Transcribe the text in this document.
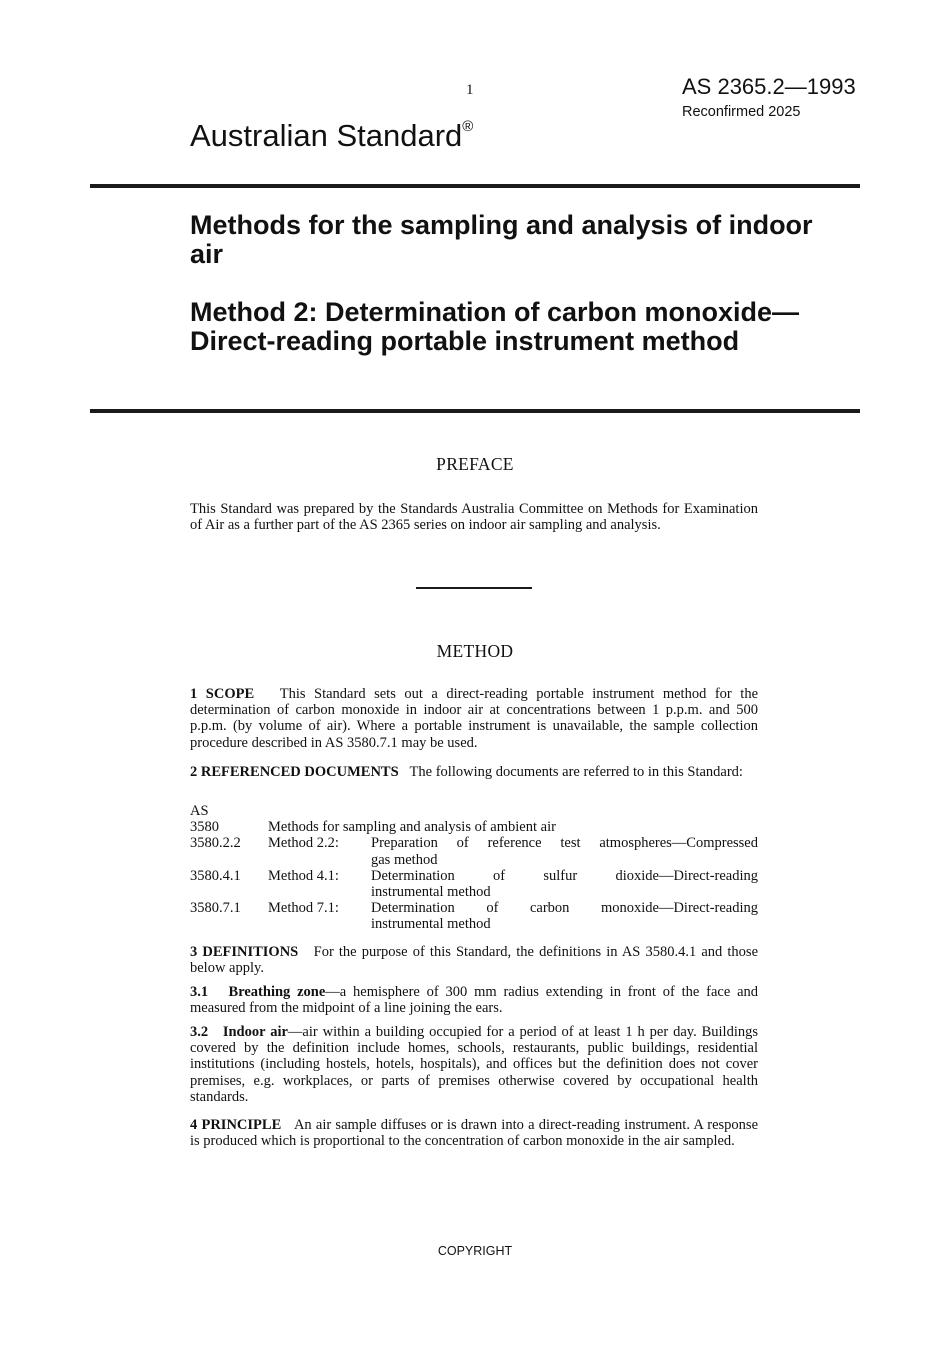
1	AS 2365.2—1993
Reconfirmed 2025
Australian Standard®
Methods for the sampling and analysis of indoor air
Method 2: Determination of carbon monoxide—Direct-reading portable instrument method
PREFACE
This Standard was prepared by the Standards Australia Committee on Methods for Examination of Air as a further part of the AS 2365 series on indoor air sampling and analysis.
METHOD
1 SCOPE This Standard sets out a direct-reading portable instrument method for the determination of carbon monoxide in indoor air at concentrations between 1 p.p.m. and 500 p.p.m. (by volume of air). Where a portable instrument is unavailable, the sample collection procedure described in AS 3580.7.1 may be used.
2 REFERENCED DOCUMENTS The following documents are referred to in this Standard:
AS
3580	Methods for sampling and analysis of ambient air
3580.2.2	Method 2.2:	Preparation of reference test atmospheres—Compressed
gas method
3580.4.1	Method 4.1:	Determination of sulfur dioxide—Direct-reading
instrumental method
3580.7.1	Method 7.1:	Determination of carbon monoxide—Direct-reading
instrumental method
3 DEFINITIONS For the purpose of this Standard, the definitions in AS 3580.4.1 and those below apply.
3.1 Breathing zone—a hemisphere of 300 mm radius extending in front of the face and measured from the midpoint of a line joining the ears.
3.2 Indoor air—air within a building occupied for a period of at least 1 h per day. Buildings covered by the definition include homes, schools, restaurants, public buildings, residential institutions (including hostels, hotels, hospitals), and offices but the definition does not cover premises, e.g. workplaces, or parts of premises otherwise covered by occupational health standards.
4 PRINCIPLE An air sample diffuses or is drawn into a direct-reading instrument. A response is produced which is proportional to the concentration of carbon monoxide in the air sampled.
COPYRIGHT
